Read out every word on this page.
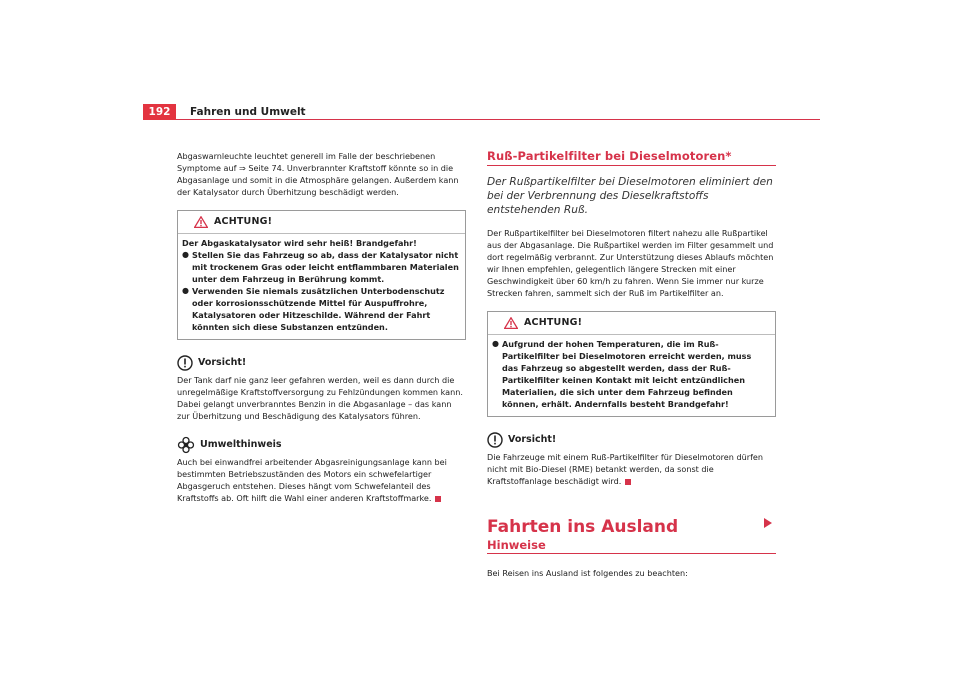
192	Fahren und Umwelt

Abgaswarnleuchte leuchtet generell im Falle der beschriebenen Symptome auf ⇒ Seite 74. Unverbrannter Kraftstoff könnte so in die Abgasanlage und somit in die Atmosphäre gelangen. Außerdem kann der Katalysator durch Überhitzung beschädigt werden.

ACHTUNG!

Der Abgaskatalysator wird sehr heiß! Brandgefahr!

● Stellen Sie das Fahrzeug so ab, dass der Katalysator nicht mit trockenem Gras oder leicht entflammbaren Materialen unter dem Fahrzeug in Berührung kommt.
● Verwenden Sie niemals zusätzlichen Unterbodenschutz oder korrosionsschützende Mittel für Auspuffrohre, Katalysatoren oder Hitzeschilde. Während der Fahrt könnten sich diese Substanzen entzünden.
Vorsicht!

Der Tank darf nie ganz leer gefahren werden, weil es dann durch die unregelmäßige Kraftstoffversorgung zu Fehlzündungen kommen kann. Dabei gelangt unverbranntes Benzin in die Abgasanlage – das kann zur Überhitzung und Beschädigung des Katalysators führen.

Umwelthinweis

Auch bei einwandfrei arbeitender Abgasreinigungsanlage kann bei bestimmten Betriebszuständen des Motors ein schwefelartiger Abgasgeruch entstehen. Dieses hängt vom Schwefelanteil des Kraftstoffs ab. Oft hilft die Wahl einer anderen Kraftstoffmarke.

Ruß-Partikelfilter bei Dieselmotoren*
Der Rußpartikelfilter bei Dieselmotoren eliminiert den bei der Verbrennung des Dieselkraftstoffs entstehenden Ruß.

Der Rußpartikelfilter bei Dieselmotoren filtert nahezu alle Rußpartikel aus der Abgasanlage. Die Rußpartikel werden im Filter gesammelt und dort regelmäßig verbrannt. Zur Unterstützung dieses Ablaufs möchten wir Ihnen empfehlen, gelegentlich längere Strecken mit einer Geschwindigkeit über 60 km/h zu fahren. Wenn Sie immer nur kurze Strecken fahren, sammelt sich der Ruß im Partikelfilter an.

ACHTUNG!
● Aufgrund der hohen Temperaturen, die im Ruß-Partikelfilter bei Dieselmotoren erreicht werden, muss das Fahrzeug so abgestellt werden, dass der Ruß-Partikelfilter keinen Kontakt mit leicht entzündlichen Materialien, die sich unter dem Fahrzeug befinden können, erhält. Andernfalls besteht Brandgefahr!
Vorsicht!

Die Fahrzeuge mit einem Ruß-Partikelfilter für Dieselmotoren dürfen nicht mit Bio-Diesel (RME) betankt werden, da sonst die Kraftstoffanlage beschädigt wird.

Fahrten ins Ausland
Hinweise

Bei Reisen ins Ausland ist folgendes zu beachten:
